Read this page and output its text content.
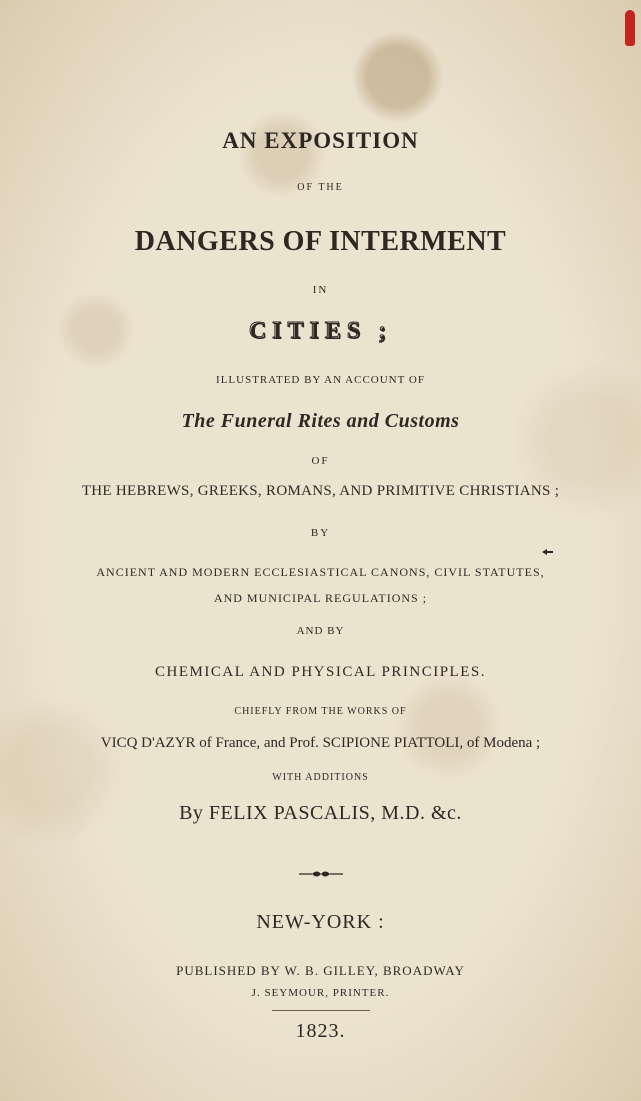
AN EXPOSITION
OF THE
DANGERS OF INTERMENT
IN
CITIES ;
ILLUSTRATED BY AN ACCOUNT OF
The Funeral Rites and Customs
OF
THE HEBREWS, GREEKS, ROMANS, AND PRIMITIVE CHRISTIANS ;
BY
ANCIENT AND MODERN ECCLESIASTICAL CANONS, CIVIL STATUTES,
AND MUNICIPAL REGULATIONS ;
AND BY
CHEMICAL AND PHYSICAL PRINCIPLES.
CHIEFLY FROM THE WORKS OF
VICQ D'AZYR of France, and Prof. SCIPIONE PIATTOLI, of Modena ;
WITH ADDITIONS
By FELIX PASCALIS, M.D. &c.
NEW-YORK :
PUBLISHED BY W. B. GILLEY, BROADWAY
J. SEYMOUR, PRINTER.
1823.
